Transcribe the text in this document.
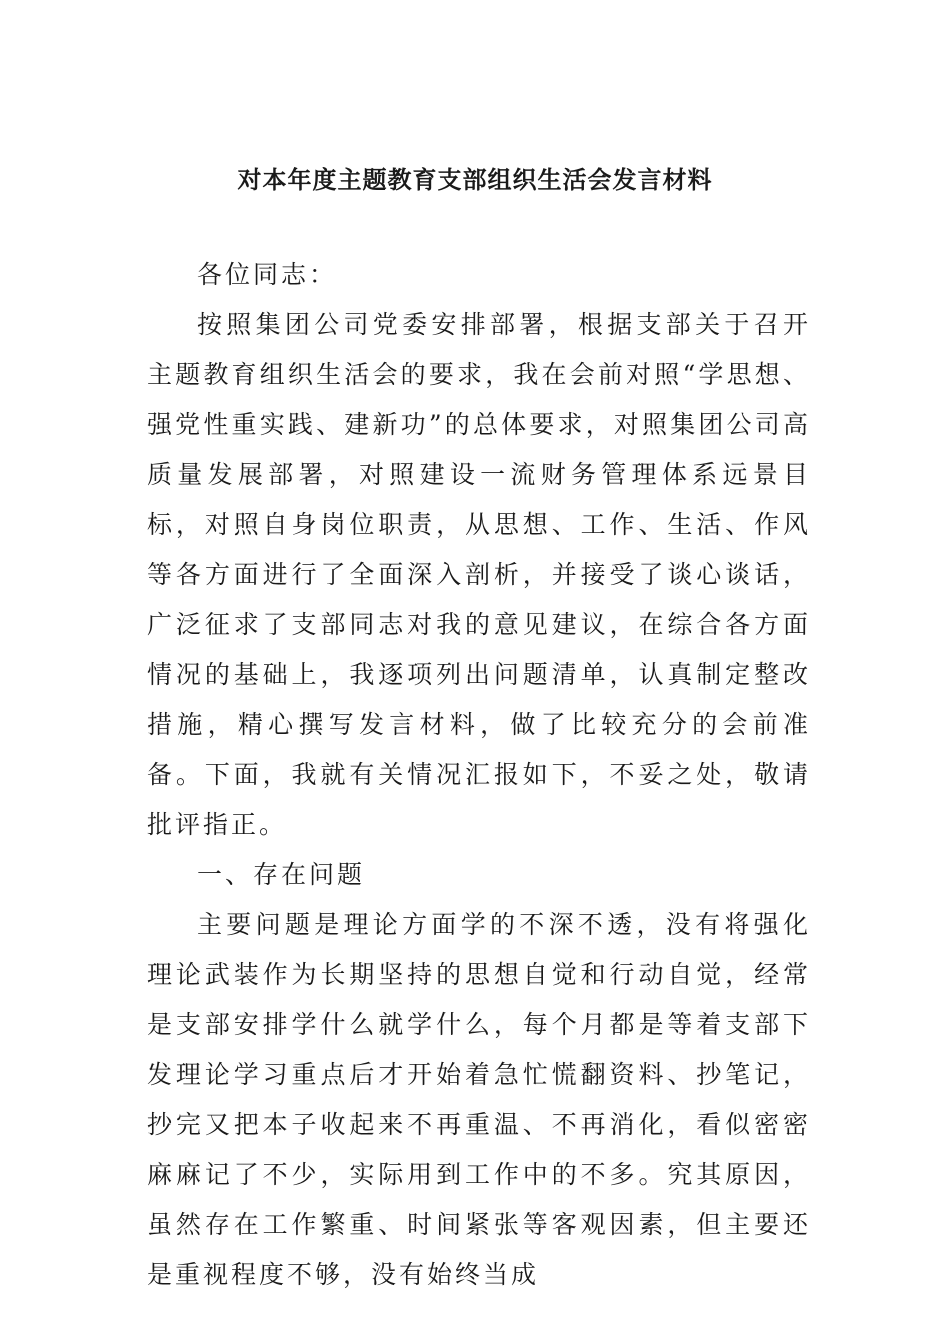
对本年度主题教育支部组织生活会发言材料

各位同志：

按照集团公司党委安排部署，根据支部关于召开主题教育组织生活会的要求，我在会前对照“学思想、强党性重实践、建新功”的总体要求，对照集团公司高质量发展部署，对照建设一流财务管理体系远景目标，对照自身岗位职责，从思想、工作、生活、作风等各方面进行了全面深入剖析，并接受了谈心谈话，广泛征求了支部同志对我的意见建议，在综合各方面情况的基础上，我逐项列出问题清单，认真制定整改措施，精心撰写发言材料，做了比较充分的会前准备。下面，我就有关情况汇报如下，不妥之处，敬请批评指正。

一、存在问题

主要问题是理论方面学的不深不透，没有将强化理论武装作为长期坚持的思想自觉和行动自觉，经常是支部安排学什么就学什么，每个月都是等着支部下发理论学习重点后才开始着急忙慌翻资料、抄笔记，抄完又把本子收起来不再重温、不再消化，看似密密麻麻记了不少，实际用到工作中的不多。究其原因，虽然存在工作繁重、时间紧张等客观因素，但主要还是重视程度不够，没有始终当成
